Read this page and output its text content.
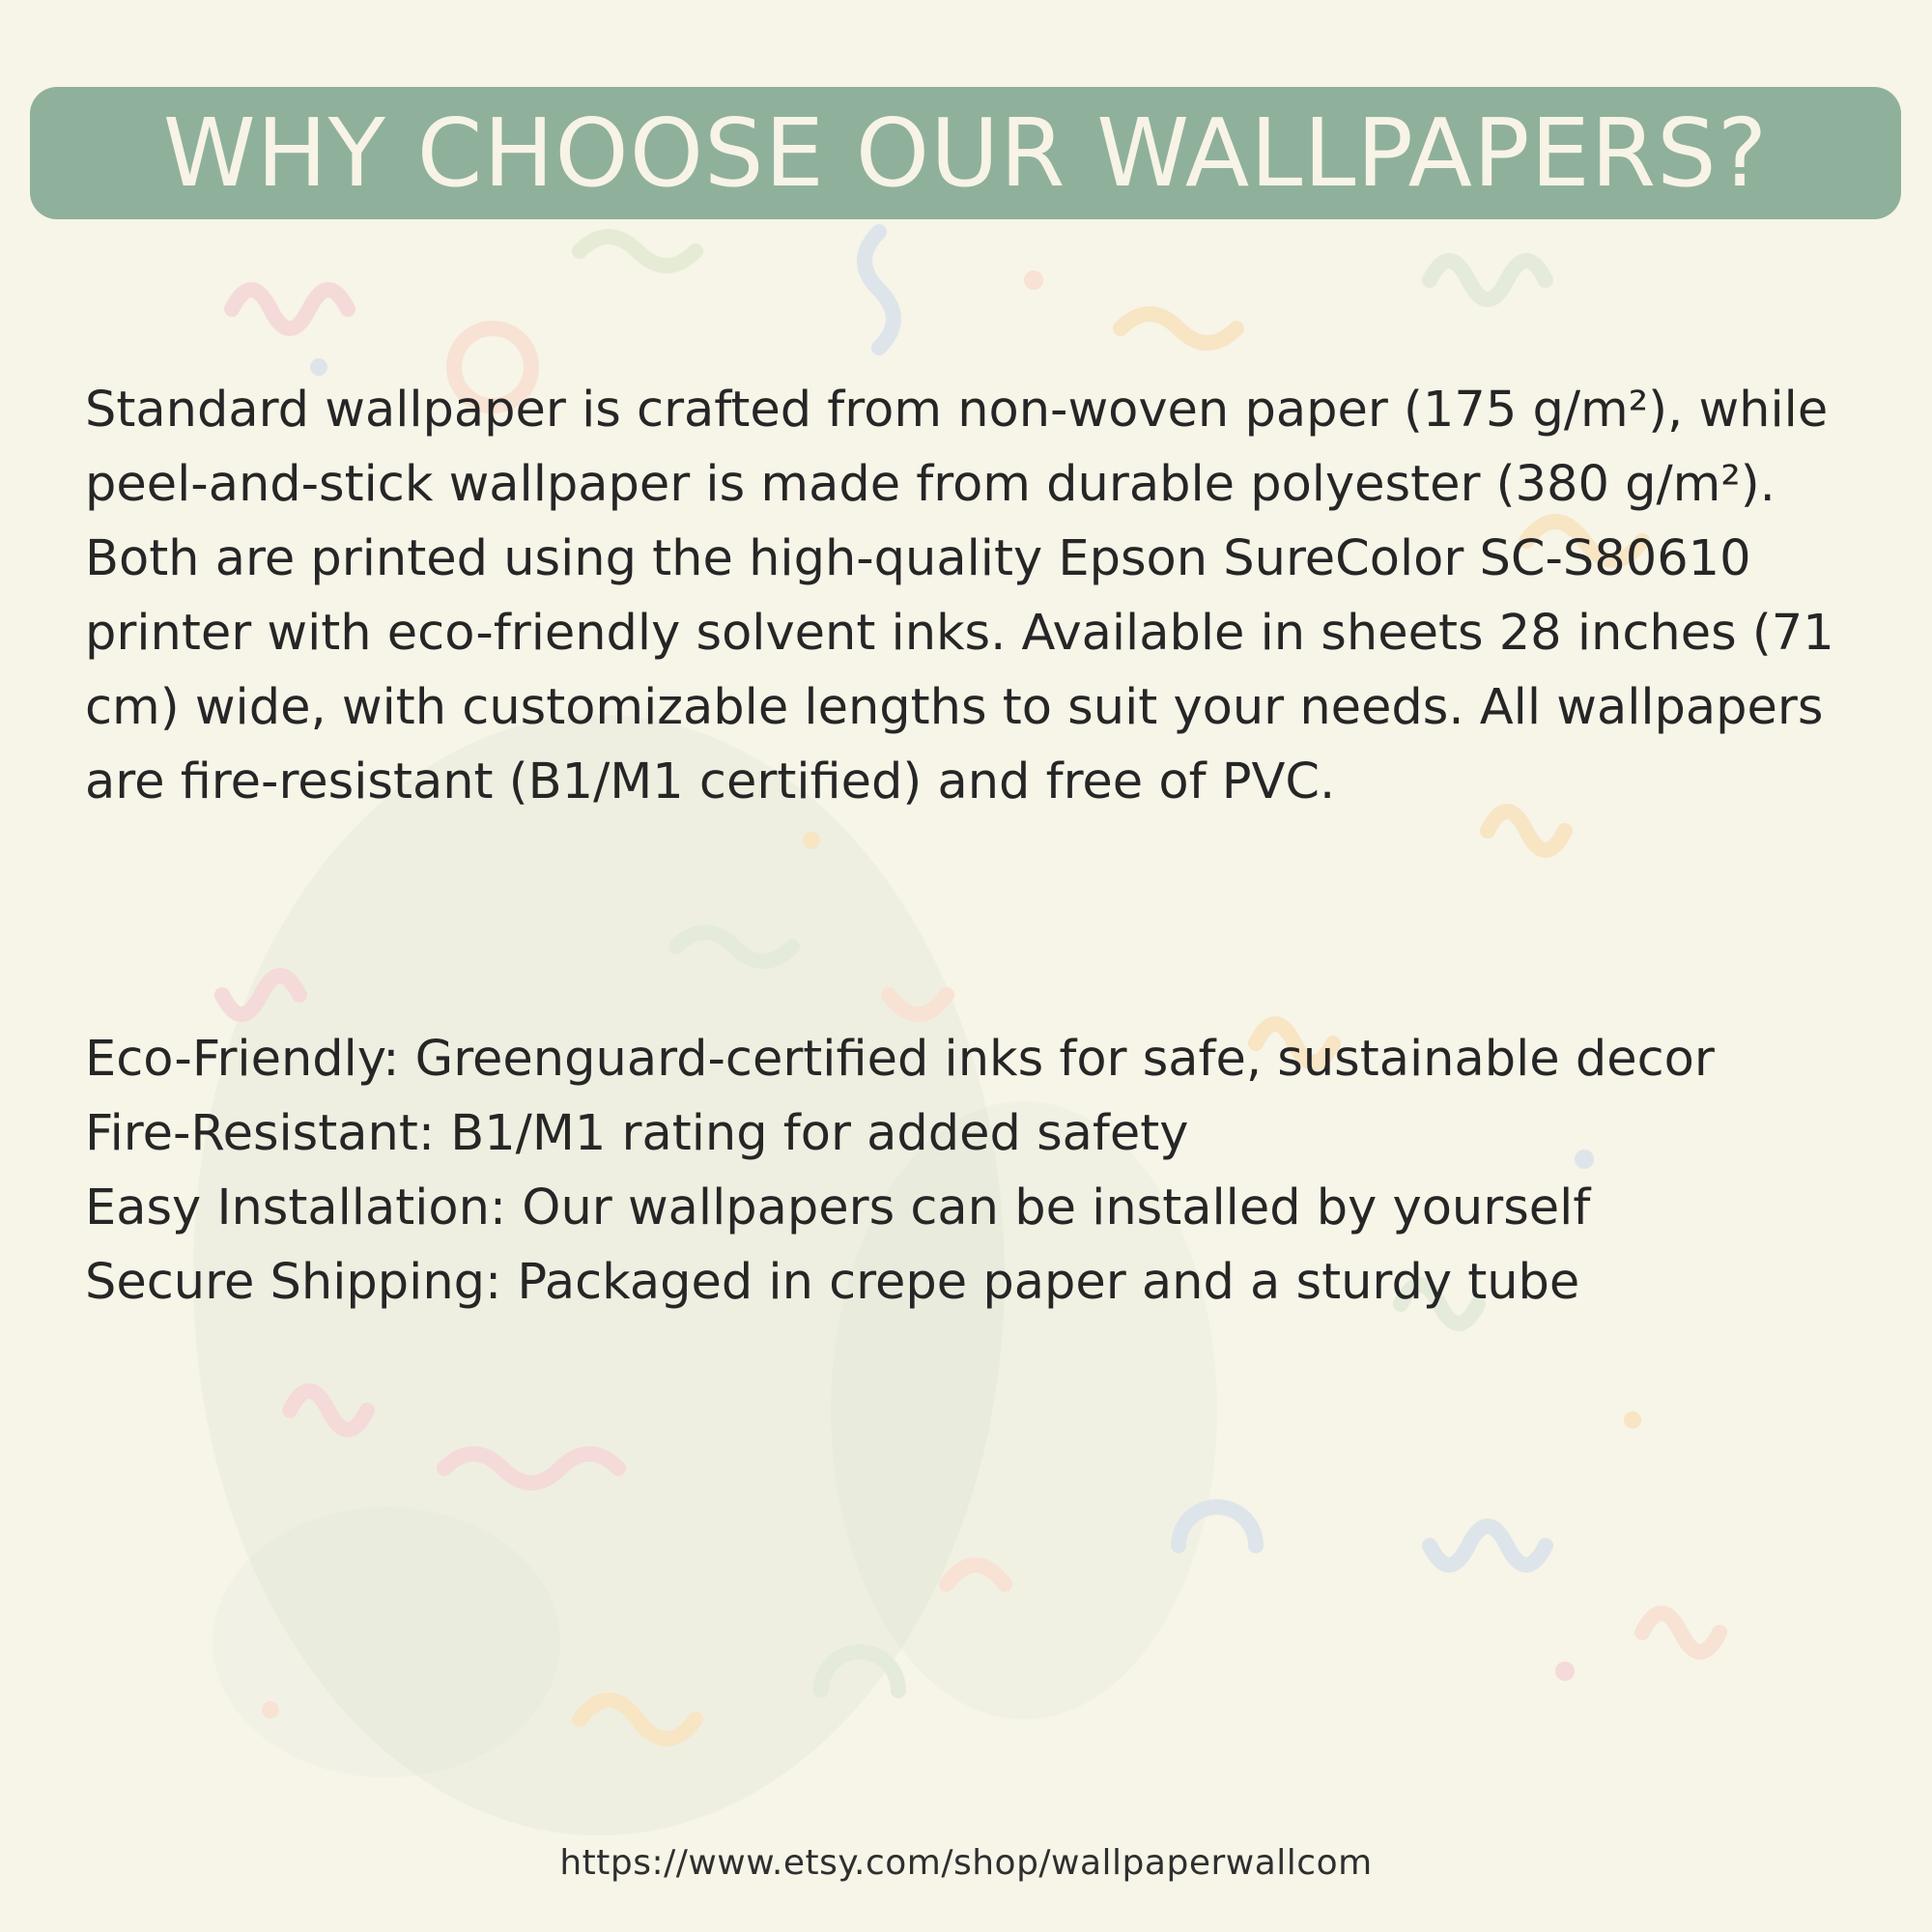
WHY CHOOSE OUR WALLPAPERS?

Standard wallpaper is crafted from non-woven paper (175 g/m²), while peel-and-stick wallpaper is made from durable polyester (380 g/m²). Both are printed using the high-quality Epson SureColor SC-S80610 printer with eco-friendly solvent inks. Available in sheets 28 inches (71 cm) wide, with customizable lengths to suit your needs. All wallpapers are fire-resistant (B1/M1 certified) and free of PVC.

Eco-Friendly: Greenguard-certified inks for safe, sustainable decor
Fire-Resistant: B1/M1 rating for added safety
Easy Installation: Our wallpapers can be installed by yourself
Secure Shipping: Packaged in crepe paper and a sturdy tube
https://www.etsy.com/shop/wallpaperwallcom
